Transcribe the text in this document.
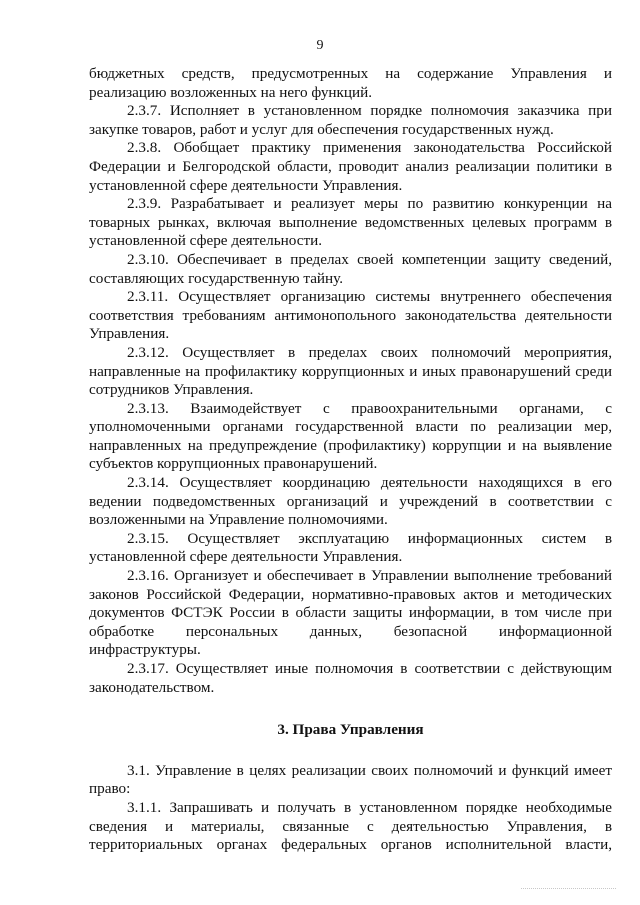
9

бюджетных средств, предусмотренных на содержание Управления и реализацию возложенных на него функций.

2.3.7. Исполняет в установленном порядке полномочия заказчика при закупке товаров, работ и услуг для обеспечения государственных нужд.

2.3.8. Обобщает практику применения законодательства Российской Федерации и Белгородской области, проводит анализ реализации политики в установленной сфере деятельности Управления.

2.3.9. Разрабатывает и реализует меры по развитию конкуренции на товарных рынках, включая выполнение ведомственных целевых программ в установленной сфере деятельности.

2.3.10. Обеспечивает в пределах своей компетенции защиту сведений, составляющих государственную тайну.

2.3.11. Осуществляет организацию системы внутреннего обеспечения соответствия требованиям антимонопольного законодательства деятельности Управления.

2.3.12. Осуществляет в пределах своих полномочий мероприятия, направленные на профилактику коррупционных и иных правонарушений среди сотрудников Управления.

2.3.13. Взаимодействует с правоохранительными органами, с уполномоченными органами государственной власти по реализации мер, направленных на предупреждение (профилактику) коррупции и на выявление субъектов коррупционных правонарушений.

2.3.14. Осуществляет координацию деятельности находящихся в его ведении подведомственных организаций и учреждений в соответствии с возложенными на Управление полномочиями.

2.3.15. Осуществляет эксплуатацию информационных систем в установленной сфере деятельности Управления.

2.3.16. Организует и обеспечивает в Управлении выполнение требований законов Российской Федерации, нормативно-правовых актов и методических документов ФСТЭК России в области защиты информации, в том числе при обработке персональных данных, безопасной информационной инфраструктуры.

2.3.17. Осуществляет иные полномочия в соответствии с действующим законодательством.

3. Права Управления

3.1. Управление в целях реализации своих полномочий и функций имеет право:

3.1.1. Запрашивать и получать в установленном порядке необходимые сведения и материалы, связанные с деятельностью Управления, в территориальных органах федеральных органов исполнительной власти,
